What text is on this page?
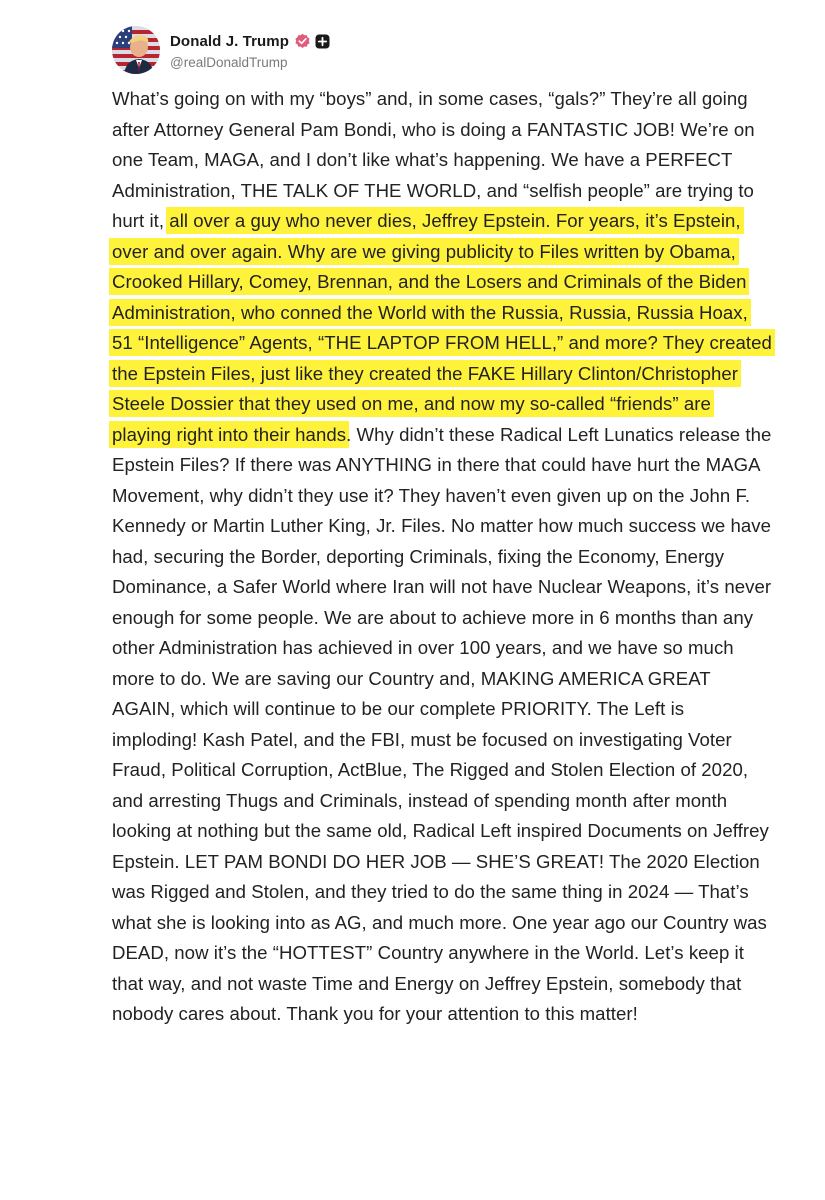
Donald J. Trump
@realDonaldTrump

What’s going on with my “boys” and, in some cases, “gals?” They’re all going after Attorney General Pam Bondi, who is doing a FANTASTIC JOB! We’re on one Team, MAGA, and I don’t like what’s happening. We have a PERFECT Administration, THE TALK OF THE WORLD, and “selfish people” are trying to hurt it, all over a guy who never dies, Jeffrey Epstein. For years, it’s Epstein, over and over again. Why are we giving publicity to Files written by Obama, Crooked Hillary, Comey, Brennan, and the Losers and Criminals of the Biden Administration, who conned the World with the Russia, Russia, Russia Hoax, 51 “Intelligence” Agents, “THE LAPTOP FROM HELL,” and more? They created the Epstein Files, just like they created the FAKE Hillary Clinton/Christopher Steele Dossier that they used on me, and now my so-called “friends” are playing right into their hands. Why didn’t these Radical Left Lunatics release the Epstein Files? If there was ANYTHING in there that could have hurt the MAGA Movement, why didn’t they use it? They haven’t even given up on the John F. Kennedy or Martin Luther King, Jr. Files. No matter how much success we have had, securing the Border, deporting Criminals, fixing the Economy, Energy Dominance, a Safer World where Iran will not have Nuclear Weapons, it’s never enough for some people. We are about to achieve more in 6 months than any other Administration has achieved in over 100 years, and we have so much more to do. We are saving our Country and, MAKING AMERICA GREAT AGAIN, which will continue to be our complete PRIORITY. The Left is imploding! Kash Patel, and the FBI, must be focused on investigating Voter Fraud, Political Corruption, ActBlue, The Rigged and Stolen Election of 2020, and arresting Thugs and Criminals, instead of spending month after month looking at nothing but the same old, Radical Left inspired Documents on Jeffrey Epstein. LET PAM BONDI DO HER JOB — SHE’S GREAT! The 2020 Election was Rigged and Stolen, and they tried to do the same thing in 2024 — That’s what she is looking into as AG, and much more. One year ago our Country was DEAD, now it’s the “HOTTEST” Country anywhere in the World. Let’s keep it that way, and not waste Time and Energy on Jeffrey Epstein, somebody that nobody cares about. Thank you for your attention to this matter!
